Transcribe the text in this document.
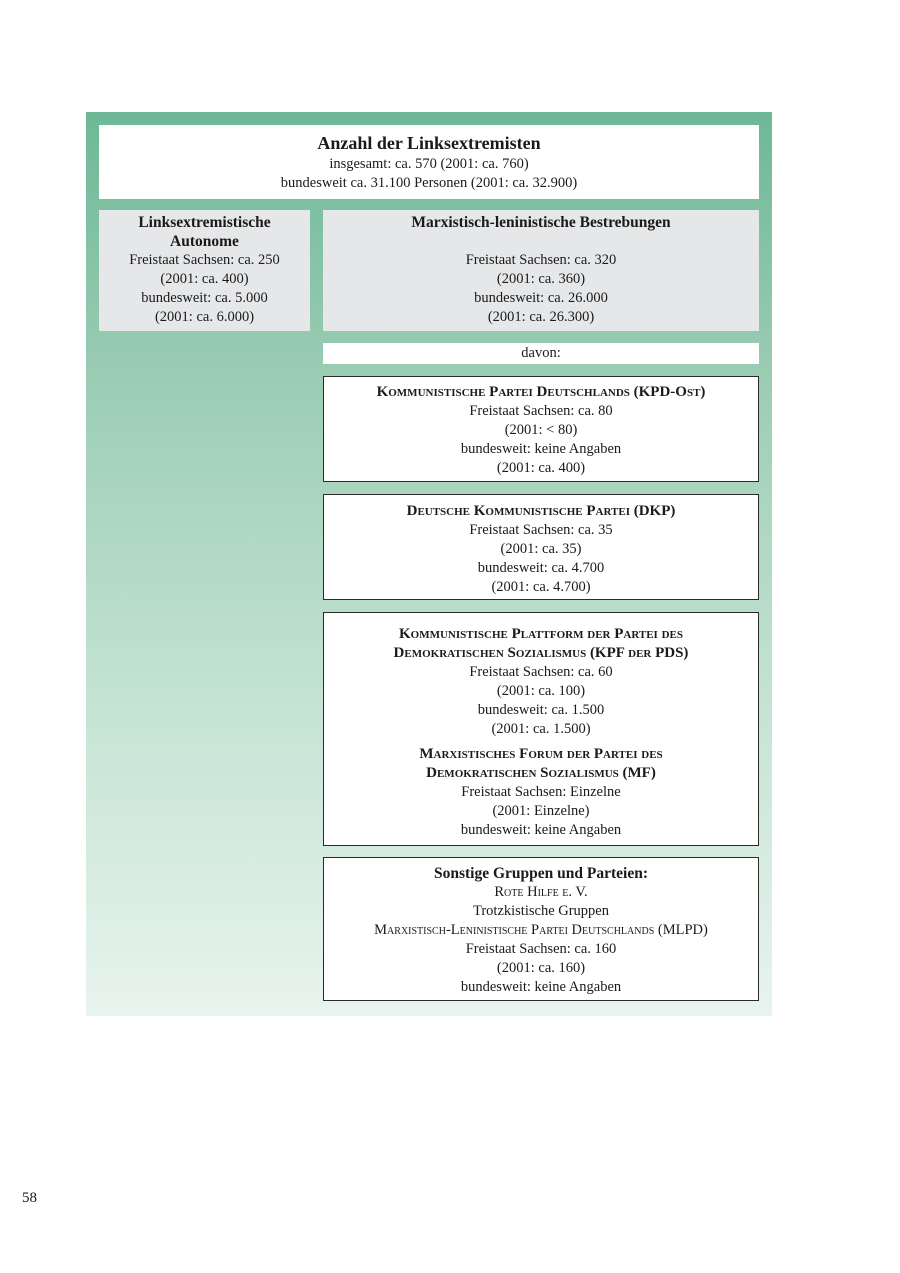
Anzahl der Linksextremisten
insgesamt: ca. 570 (2001: ca. 760)
bundesweit ca. 31.100 Personen (2001: ca. 32.900)
Linksextremistische
Autonome
Freistaat Sachsen: ca. 250
(2001: ca. 400)
bundesweit: ca. 5.000
(2001: ca. 6.000)
Marxistisch-leninistische Bestrebungen
Freistaat Sachsen: ca. 320
(2001: ca. 360)
bundesweit: ca. 26.000
(2001: ca. 26.300)
davon:
Kommunistische Partei Deutschlands (KPD-Ost)
Freistaat Sachsen: ca. 80
(2001: < 80)
bundesweit: keine Angaben
(2001: ca. 400)
Deutsche Kommunistische Partei (DKP)
Freistaat Sachsen: ca. 35
(2001: ca. 35)
bundesweit: ca. 4.700
(2001: ca. 4.700)
Kommunistische Plattform der Partei des
Demokratischen Sozialismus (KPF der PDS)
Freistaat Sachsen: ca. 60
(2001: ca. 100)
bundesweit: ca. 1.500
(2001: ca. 1.500)
Marxistisches Forum der Partei des
Demokratischen Sozialismus (MF)
Freistaat Sachsen: Einzelne
(2001: Einzelne)
bundesweit: keine Angaben
Sonstige Gruppen und Parteien:
Rote Hilfe e. V.
Trotzkistische Gruppen
Marxistisch-Leninistische Partei Deutschlands (MLPD)
Freistaat Sachsen: ca. 160
(2001: ca. 160)
bundesweit: keine Angaben
58
